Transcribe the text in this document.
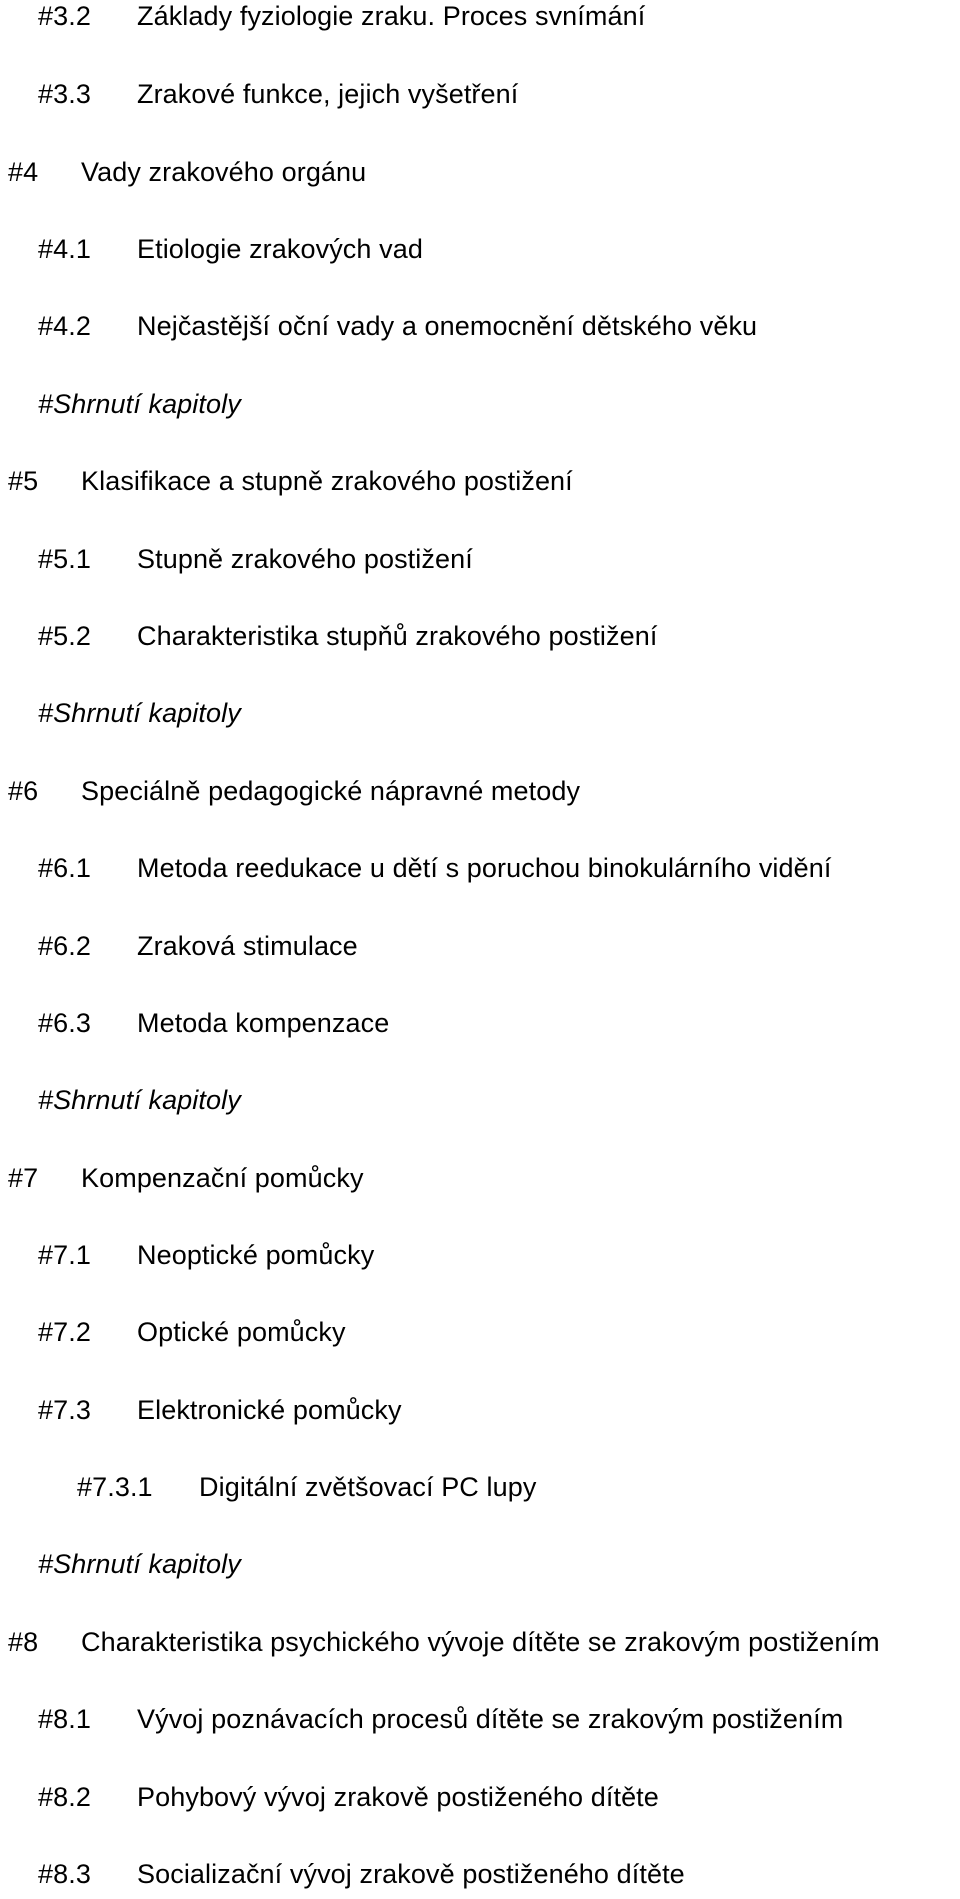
#3.2	Základy fyziologie zraku. Proces svnímání
#3.3	Zrakové funkce, jejich vyšetření
#4	Vady zrakového orgánu
#4.1	Etiologie zrakových vad
#4.2	Nejčastější oční vady a onemocnění dětského věku
#Shrnutí kapitoly
#5	Klasifikace a stupně zrakového postižení
#5.1	Stupně zrakového postižení
#5.2	Charakteristika stupňů zrakového postižení
#Shrnutí kapitoly
#6	Speciálně pedagogické nápravné metody
#6.1	Metoda reedukace u dětí s poruchou binokulárního vidění
#6.2	Zraková stimulace
#6.3	Metoda kompenzace
#Shrnutí kapitoly
#7	Kompenzační pomůcky
#7.1	Neoptické pomůcky
#7.2	Optické pomůcky
#7.3	Elektronické pomůcky
#7.3.1	Digitální zvětšovací PC lupy
#Shrnutí kapitoly
#8	Charakteristika psychického vývoje dítěte se zrakovým postižením
#8.1	Vývoj poznávacích procesů dítěte se zrakovým postižením
#8.2	Pohybový vývoj zrakově postiženého dítěte
#8.3	Socializační vývoj zrakově postiženého dítěte
